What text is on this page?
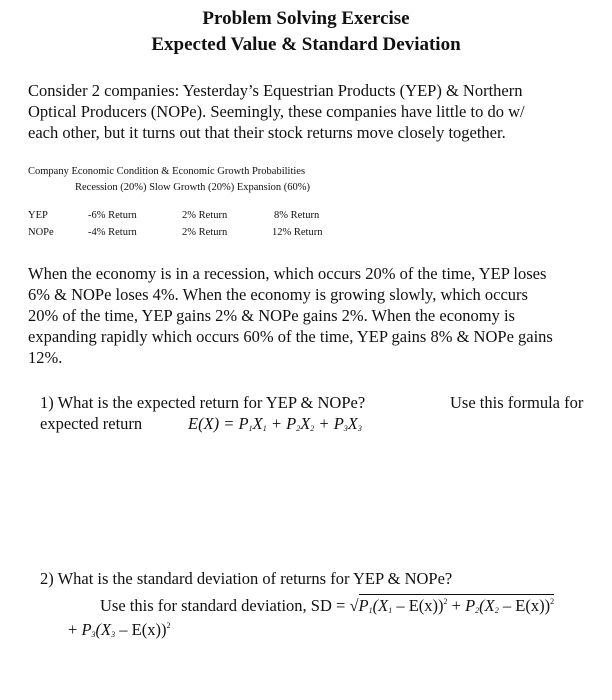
Problem Solving Exercise
Expected Value & Standard Deviation
Consider 2 companies: Yesterday’s Equestrian Products (YEP) & Northern
Optical Producers (NOPe). Seemingly, these companies have little to do w/
each other, but it turns out that their stock returns move closely together.
Company Economic Condition & Economic Growth Probabilities
Recession (20%) Slow Growth (20%) Expansion (60%)
YEP	-6% Return	2% Return	8% Return
NOPe	-4% Return	2% Return	12% Return
When the economy is in a recession, which occurs 20% of the time, YEP loses
6% & NOPe loses 4%. When the economy is growing slowly, which occurs
20% of the time, YEP gains 2% & NOPe gains 2%. When the economy is
expanding rapidly which occurs 60% of the time, YEP gains 8% & NOPe gains
12%.
1) What is the expected return for YEP & NOPe?	Use this formula for
expected return	$E(X) = P_1X_1 + P_2X_2 + P_3X_3$
2) What is the standard deviation of returns for YEP & NOPe?
Use this for standard deviation, SD = $√P_1(X_1 - E(x))^2 + P_2(X_2 - E(x))^2$
+ $P_3(X_3 - E(x))^2$
